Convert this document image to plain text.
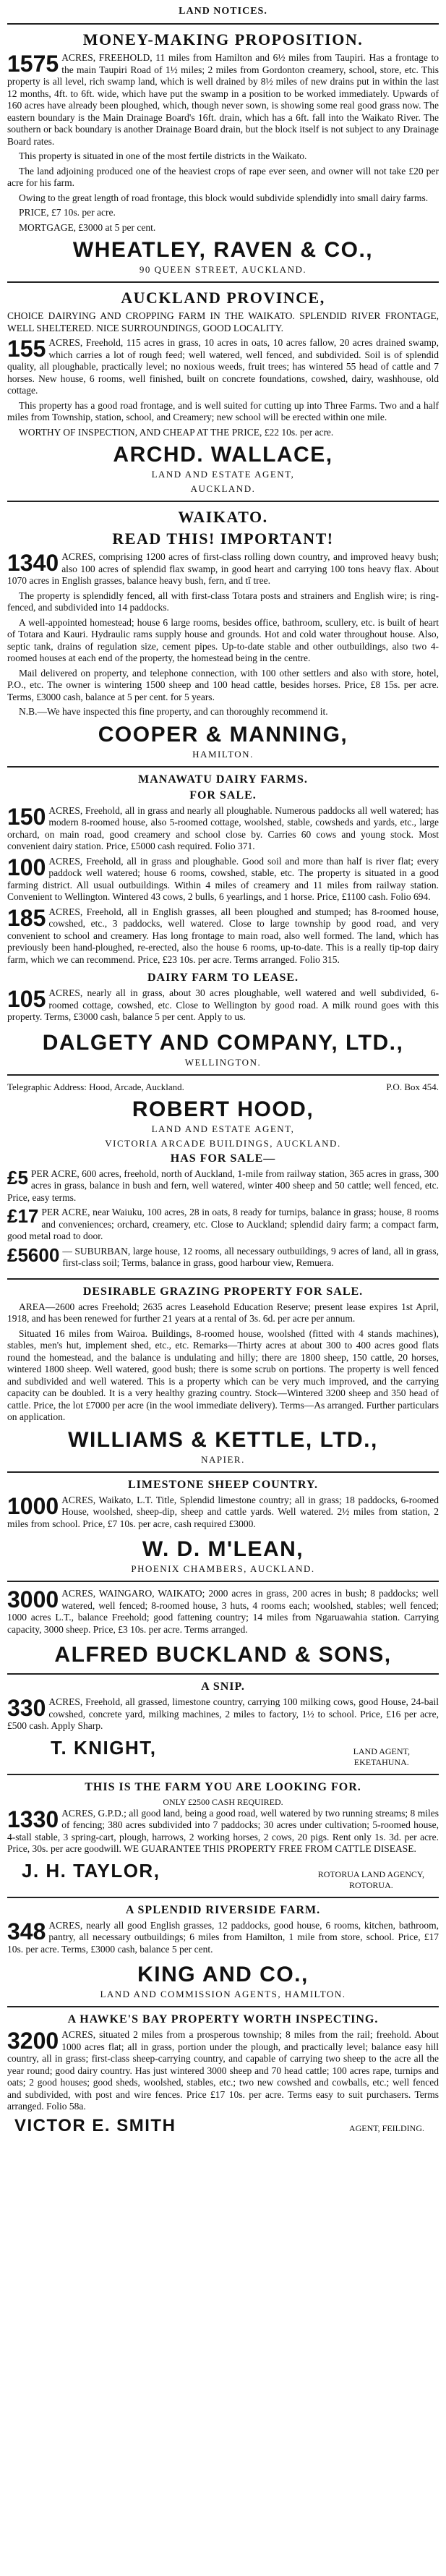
LAND NOTICES.
MONEY-MAKING PROPOSITION.

1575 ACRES, FREEHOLD, 11 miles from Hamilton and 6½ miles from Taupiri. Has a frontage to the main Taupiri Road of 1½ miles; 2 miles from Gordonton creamery, school, store, etc. This property is all level, rich swamp land, which is well drained by 8½ miles of new drains put in within the last 12 months, 4ft. to 6ft. wide, which have put the swamp in a position to be worked immediately. Upwards of 160 acres have already been ploughed, which, though never sown, is showing some real good grass now. The eastern boundary is the Main Drainage Board's 16ft. drain, which has a 6ft. fall into the Waikato River. The southern or back boundary is another Drainage Board drain, but the block itself is not subject to any Drainage Board rates.

This property is situated in one of the most fertile districts in the Waikato.

The land adjoining produced one of the heaviest crops of rape ever seen, and owner will not take £20 per acre for his farm.

Owing to the great length of road frontage, this block would subdivide splendidly into small dairy farms.

PRICE, £7 10s. per acre.

MORTGAGE, £3000 at 5 per cent.

WHEATLEY, RAVEN & CO.,
90 QUEEN STREET, AUCKLAND.
AUCKLAND PROVINCE,

CHOICE DAIRYING AND CROPPING FARM IN THE WAIKATO. SPLENDID RIVER FRONTAGE, WELL SHELTERED. NICE SURROUNDINGS, GOOD LOCALITY.

155 ACRES, Freehold, 115 acres in grass, 10 acres in oats, 10 acres fallow, 20 acres drained swamp, which carries a lot of rough feed; well watered, well fenced, and subdivided. Soil is of splendid quality, all ploughable, practically level; no noxious weeds, fruit trees; has wintered 55 head of cattle and 7 horses. New house, 6 rooms, well finished, built on concrete foundations, cowshed, dairy, washhouse, old cottage.

This property has a good road frontage, and is well suited for cutting up into Three Farms. Two and a half miles from Township, station, school, and Creamery; new school will be erected within one mile.

WORTHY OF INSPECTION, AND CHEAP AT THE PRICE, £22 10s. per acre.

ARCHD. WALLACE,
LAND AND ESTATE AGENT,
AUCKLAND.
WAIKATO.
READ THIS! IMPORTANT!

1340 ACRES, comprising 1200 acres of first-class rolling down country, and improved heavy bush; also 100 acres of splendid flax swamp, in good heart and carrying 100 tons heavy flax. About 1070 acres in English grasses, balance heavy bush, fern, and tī tree.

The property is splendidly fenced, all with first-class Totara posts and strainers and English wire; is ring-fenced, and subdivided into 14 paddocks.

A well-appointed homestead; house 6 large rooms, besides office, bathroom, scullery, etc. is built of heart of Totara and Kauri. Hydraulic rams supply house and grounds. Hot and cold water throughout house. Also, septic tank, drains of regulation size, cement pipes. Up-to-date stable and other outbuildings, also two 4-roomed houses at each end of the property, the homestead being in the centre.

Mail delivered on property, and telephone connection, with 100 other settlers and also with store, hotel, P.O., etc. The owner is wintering 1500 sheep and 100 head cattle, besides horses. Price, £8 15s. per acre. Terms, £3000 cash, balance at 5 per cent. for 5 years.

N.B.—We have inspected this fine property, and can thoroughly recommend it.

COOPER & MANNING,
HAMILTON.
MANAWATU DAIRY FARMS.
FOR SALE.

150 ACRES, Freehold, all in grass and nearly all ploughable. Numerous paddocks all well watered; has modern 8-roomed house, also 5-roomed cottage, woolshed, stable, cowsheds and yards, etc., large orchard, on main road, good creamery and school close by. Carries 60 cows and young stock. Most convenient dairy station. Price, £5000 cash required. Folio 371.

100 ACRES, Freehold, all in grass and ploughable. Good soil and more than half is river flat; every paddock well watered; house 6 rooms, cowshed, stable, etc. The property is situated in a good farming district. All usual outbuildings. Within 4 miles of creamery and 11 miles from railway station. Convenient to Wellington. Wintered 43 cows, 2 bulls, 6 yearlings, and 1 horse. Price, £1100 cash. Folio 694.

185 ACRES, Freehold, all in English grasses, all been ploughed and stumped; has 8-roomed house, cowshed, etc., 3 paddocks, well watered. Close to large township by good road, and very convenient to school and creamery. Has long frontage to main road, also well formed. The land, which has previously been hand-ploughed, re-erected, also the house 6 rooms, up-to-date. This is a really tip-top dairy farm, which we can recommend. Price, £23 10s. per acre. Terms arranged. Folio 315.

DAIRY FARM TO LEASE.

105 ACRES, nearly all in grass, about 30 acres ploughable, well watered and well subdivided, 6-roomed cottage, cowshed, etc. Close to Wellington by good road. A milk round goes with this property. Terms, £3000 cash, balance 5 per cent. Apply to us.

DALGETY AND COMPANY, LTD.,
WELLINGTON.
Telegraphic Address: Hood, Arcade, Auckland.	P.O. Box 454.
ROBERT HOOD,
LAND AND ESTATE AGENT,
VICTORIA ARCADE BUILDINGS, AUCKLAND.
HAS FOR SALE—

£5 PER ACRE, 600 acres, freehold, north of Auckland, 1-mile from railway station, 365 acres in grass, 300 acres in grass, balance in bush and fern, well watered, winter 400 sheep and 50 cattle; well fenced, etc. Price, easy terms.

£17 PER ACRE, near Waiuku, 100 acres, 28 in oats, 8 ready for turnips, balance in grass; house, 8 rooms and conveniences; orchard, creamery, etc. Close to Auckland; splendid dairy farm; a compact farm, good metal road to door.

£5600 — SUBURBAN, large house, 12 rooms, all necessary outbuildings, 9 acres of land, all in grass, first-class soil; Terms, balance in grass, good harbour view, Remuera.

DESIRABLE GRAZING PROPERTY FOR SALE.

AREA—2600 acres Freehold; 2635 acres Leasehold Education Reserve; present lease expires 1st April, 1918, and has been renewed for further 21 years at a rental of 3s. 6d. per acre per annum.

Situated 16 miles from Wairoa. Buildings, 8-roomed house, woolshed (fitted with 4 stands machines), stables, men's hut, implement shed, etc., etc. Remarks—Thirty acres at about 300 to 400 acres good flats round the homestead, and the balance is undulating and hilly; there are 1800 sheep, 150 cattle, 20 horses, wintered 1800 sheep. Well watered, good bush; there is some scrub on portions. The property is well fenced and subdivided and well watered. This is a property which can be very much improved, and the carrying capacity can be doubled. It is a very healthy grazing country. Stock—Wintered 3200 sheep and 350 head of cattle. Price, the lot £7000 per acre (in the wool immediate delivery). Terms—As arranged. Further particulars on application.

WILLIAMS & KETTLE, LTD.,
NAPIER.
LIMESTONE SHEEP COUNTRY.

1000 ACRES, Waikato, L.T. Title, Splendid limestone country; all in grass; 18 paddocks, 6-roomed House, woolshed, sheep-dip, sheep and cattle yards. Well watered. 2½ miles from station, 2 miles from school. Price, £7 10s. per acre, cash required £3000.

W. D. M'LEAN,
PHOENIX CHAMBERS, AUCKLAND.

3000 ACRES, WAINGARO, WAIKATO; 2000 acres in grass, 200 acres in bush; 8 paddocks; well watered, well fenced; 8-roomed house, 3 huts, 4 rooms each; woolshed, stables; well fenced; 1000 acres L.T., balance Freehold; good fattening country; 14 miles from Ngaruawahia station. Carrying capacity, 3000 sheep. Price, £3 10s. per acre. Terms arranged.

ALFRED BUCKLAND & SONS,
A SNIP.

330 ACRES, Freehold, all grassed, limestone country, carrying 100 milking cows, good House, 24-bail cowshed, concrete yard, milking machines, 2 miles to factory, 1½ to school. Price, £16 per acre, £500 cash. Apply Sharp.

T. KNIGHT,	LAND AGENT,
EKETAHUNA.
THIS IS THE FARM YOU ARE LOOKING FOR.
ONLY £2500 CASH REQUIRED.

1330 ACRES, G.P.D.; all good land, being a good road, well watered by two running streams; 8 miles of fencing; 380 acres subdivided into 7 paddocks; 30 acres under cultivation; 5-roomed house, 4-stall stable, 3 spring-cart, plough, harrows, 2 working horses, 2 cows, 20 pigs. Rent only 1s. 3d. per acre. Price, 30s. per acre goodwill. WE GUARANTEE THIS PROPERTY FREE FROM CATTLE DISEASE.

J. H. TAYLOR,	ROTORUA LAND AGENCY,
ROTORUA.
A SPLENDID RIVERSIDE FARM.

348 ACRES, nearly all good English grasses, 12 paddocks, good house, 6 rooms, kitchen, bathroom, pantry, all necessary outbuildings; 6 miles from Hamilton, 1 mile from store, school. Price, £17 10s. per acre. Terms, £3000 cash, balance 5 per cent.

KING AND CO.,
LAND AND COMMISSION AGENTS, HAMILTON.
A HAWKE'S BAY PROPERTY WORTH INSPECTING.

3200 ACRES, situated 2 miles from a prosperous township; 8 miles from the rail; freehold. About 1000 acres flat; all in grass, portion under the plough, and practically level; balance easy hill country, all in grass; first-class sheep-carrying country, and capable of carrying two sheep to the acre all the year round; good dairy country. Has just wintered 3000 sheep and 70 head cattle; 100 acres rape, turnips and oats; 2 good houses; good sheds, woolshed, stables, etc.; two new cowshed and cowballs, etc.; well fenced and subdivided, with post and wire fences. Price £17 10s. per acre. Terms easy to suit purchasers. Terms arranged. Folio 58a.

VICTOR E. SMITH	AGENT, FEILDING.
